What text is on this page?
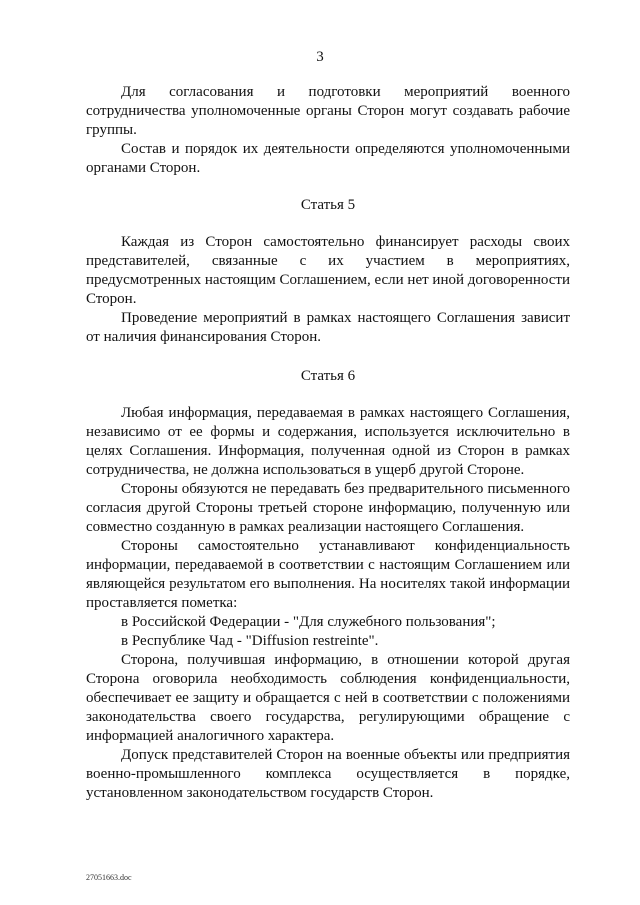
3

Для согласования и подготовки мероприятий военного сотрудничества уполномоченные органы Сторон могут создавать рабочие группы.

Состав и порядок их деятельности определяются уполномоченными органами Сторон.

Статья 5

Каждая из Сторон самостоятельно финансирует расходы своих представителей, связанные с их участием в мероприятиях, предусмотренных настоящим Соглашением, если нет иной договоренности Сторон.

Проведение мероприятий в рамках настоящего Соглашения зависит от наличия финансирования Сторон.

Статья 6

Любая информация, передаваемая в рамках настоящего Соглашения, независимо от ее формы и содержания, используется исключительно в целях Соглашения. Информация, полученная одной из Сторон в рамках сотрудничества, не должна использоваться в ущерб другой Стороне.

Стороны обязуются не передавать без предварительного письменного согласия другой Стороны третьей стороне информацию, полученную или совместно созданную в рамках реализации настоящего Соглашения.

Стороны самостоятельно устанавливают конфиденциальность информации, передаваемой в соответствии с настоящим Соглашением или являющейся результатом его выполнения. На носителях такой информации проставляется пометка:

в Российской Федерации - "Для служебного пользования";

в Республике Чад - "Diffusion restreinte".

Сторона, получившая информацию, в отношении которой другая Сторона оговорила необходимость соблюдения конфиденциальности, обеспечивает ее защиту и обращается с ней в соответствии с положениями законодательства своего государства, регулирующими обращение с информацией аналогичного характера.

Допуск представителей Сторон на военные объекты или предприятия военно-промышленного комплекса осуществляется в порядке, установленном законодательством государств Сторон.

27051663.doc
